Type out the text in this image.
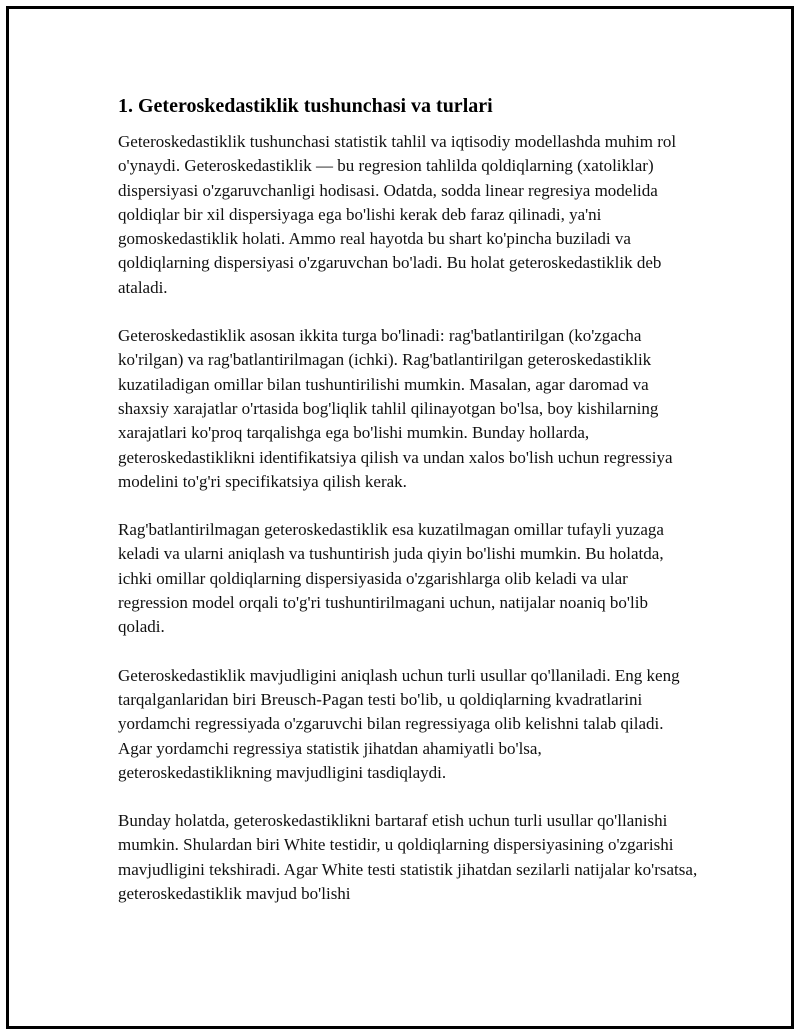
1. Geteroskedastiklik tushunchasi va turlari

Geteroskedastiklik tushunchasi statistik tahlil va iqtisodiy modellashda muhim rol o'ynaydi. Geteroskedastiklik — bu regresion tahlilda qoldiqlarning (xatoliklar) dispersiyasi o'zgaruvchanligi hodisasi. Odatda, sodda linear regresiya modelida qoldiqlar bir xil dispersiyaga ega bo'lishi kerak deb faraz qilinadi, ya'ni gomoskedastiklik holati. Ammo real hayotda bu shart ko'pincha buziladi va qoldiqlarning dispersiyasi o'zgaruvchan bo'ladi. Bu holat geteroskedastiklik deb ataladi.

Geteroskedastiklik asosan ikkita turga bo'linadi: rag'batlantirilgan (ko'zgacha ko'rilgan) va rag'batlantirilmagan (ichki). Rag'batlantirilgan geteroskedastiklik kuzatiladigan omillar bilan tushuntirilishi mumkin. Masalan, agar daromad va shaxsiy xarajatlar o'rtasida bog'liqlik tahlil qilinayotgan bo'lsa, boy kishilarning xarajatlari ko'proq tarqalishga ega bo'lishi mumkin. Bunday hollarda, geteroskedastiklikni identifikatsiya qilish va undan xalos bo'lish uchun regressiya modelini to'g'ri specifikatsiya qilish kerak.

Rag'batlantirilmagan geteroskedastiklik esa kuzatilmagan omillar tufayli yuzaga keladi va ularni aniqlash va tushuntirish juda qiyin bo'lishi mumkin. Bu holatda, ichki omillar qoldiqlarning dispersiyasida o'zgarishlarga olib keladi va ular regression model orqali to'g'ri tushuntirilmagani uchun, natijalar noaniq bo'lib qoladi.

Geteroskedastiklik mavjudligini aniqlash uchun turli usullar qo'llaniladi. Eng keng tarqalganlaridan biri Breusch-Pagan testi bo'lib, u qoldiqlarning kvadratlarini yordamchi regressiyada o'zgaruvchi bilan regressiyaga olib kelishni talab qiladi. Agar yordamchi regressiya statistik jihatdan ahamiyatli bo'lsa, geteroskedastiklikning mavjudligini tasdiqlaydi.

Bunday holatda, geteroskedastiklikni bartaraf etish uchun turli usullar qo'llanishi mumkin. Shulardan biri White testidir, u qoldiqlarning dispersiyasining o'zgarishi mavjudligini tekshiradi. Agar White testi statistik jihatdan sezilarli natijalar ko'rsatsa, geteroskedastiklik mavjud bo'lishi
